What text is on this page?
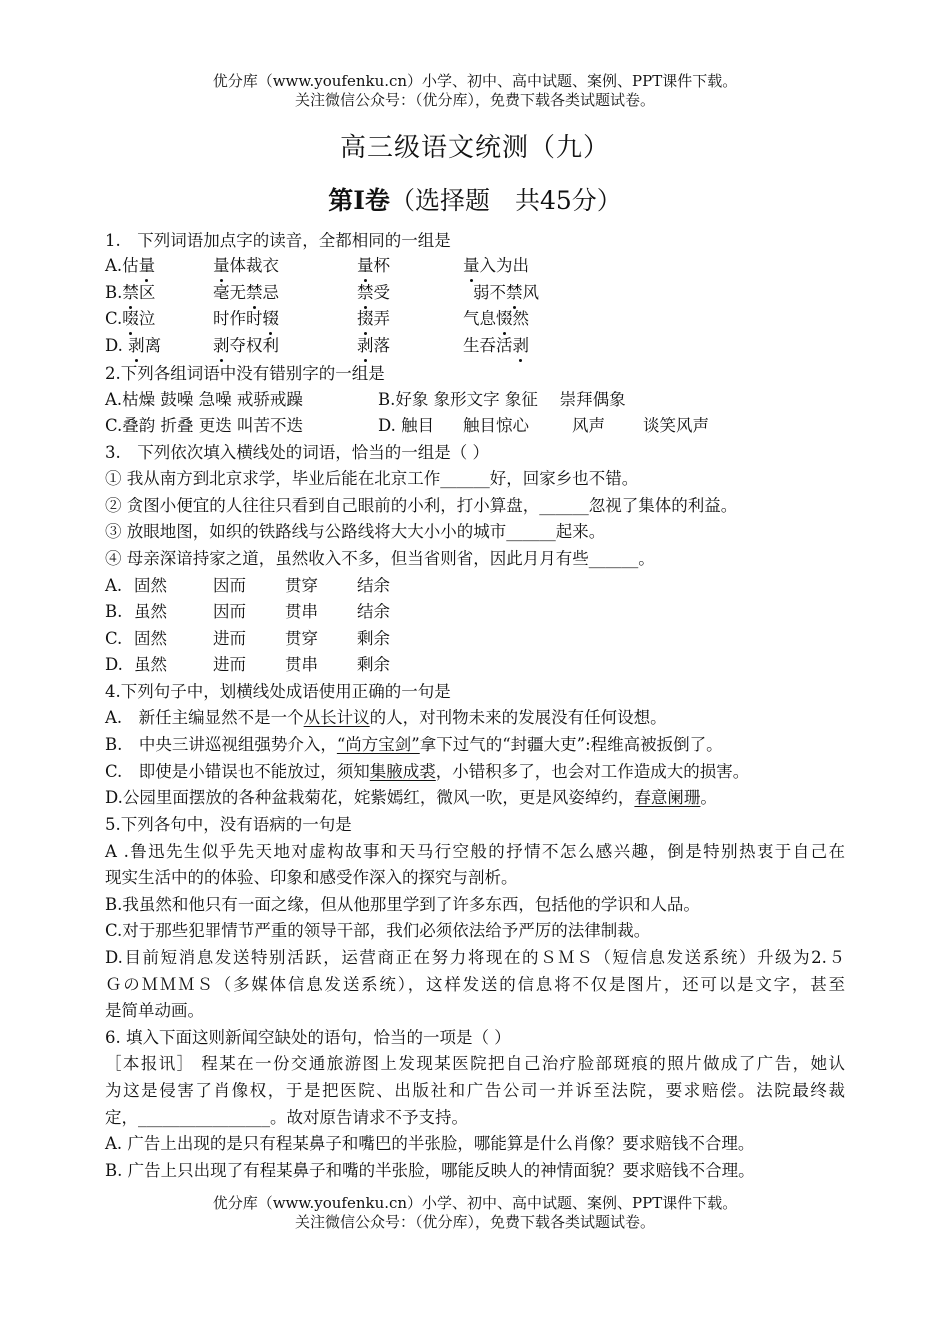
优分库（www.youfenku.cn）小学、初中、高中试题、案例、PPT课件下载。
关注微信公众号：（优分库），免费下载各类试题试卷。
高三级语文统测（九）
第Ⅰ卷（选择题　共45分）
1.　下列词语加点字的读音，全都相同的一组是
A.估量	量体裁衣	量杯	量入为出
B.禁区	毫无禁忌	禁受	弱不禁风
C.啜泣	时作时辍	掇弄	气息惙然
D. 剥离	剥夺权利	剥落	生吞活剥
2.下列各组词语中没有错别字的一组是
A.枯燥 鼓噪 急噪 戒骄戒躁	B.好象 象形文字 象征　 崇拜偶象
C.叠韵 折叠 更迭 叫苦不迭	D. 触目 触目惊心	风声 谈笑风声
3.　下列依次填入横线处的词语，恰当的一组是（ ）
① 我从南方到北京求学，毕业后能在北京工作______好，回家乡也不错。
② 贪图小便宜的人往往只看到自己眼前的小利，打小算盘，______忽视了集体的利益。
③ 放眼地图，如织的铁路线与公路线将大大小小的城市______起来。
④ 母亲深谙持家之道，虽然收入不多，但当省则省，因此月月有些______。
A. 固然	因而 贯穿 结余
B. 虽然	因而 贯串 结余
C. 固然	进而 贯穿 剩余
D. 虽然	进而 贯串 剩余
4.下列句子中，划横线处成语使用正确的一句是
A.　新任主编显然不是一个从长计议的人，对刊物未来的发展没有任何设想。
B.　中央三讲巡视组强势介入，“尚方宝剑”拿下过气的“封疆大吏”:程维高被扳倒了。
C.　即使是小错误也不能放过，须知集腋成裘，小错积多了，也会对工作造成大的损害。
D.公园里面摆放的各种盆栽菊花，姹紫嫣红，微风一吹，更是风姿绰约，春意阑珊。
5.下列各句中，没有语病的一句是
A .鲁迅先生似乎先天地对虚构故事和天马行空般的抒情不怎么感兴趣，倒是特别热衷于自己在
现实生活中的的体验、印象和感受作深入的探究与剖析。
B.我虽然和他只有一面之缘，但从他那里学到了许多东西，包括他的学识和人品。
C.对于那些犯罪情节严重的领导干部，我们必须依法给予严厉的法律制裁。
D.目前短消息发送特别活跃，运营商正在努力将现在的ＳＭＳ（短信息发送系统）升级为2.５
ＧのＭＭＭＳ（多媒体信息发送系统），这样发送的信息将不仅是图片，还可以是文字，甚至
是简单动画。
6. 填入下面这则新闻空缺处的语句，恰当的一项是（ ）
［本报讯］ 程某在一份交通旅游图上发现某医院把自己治疗脸部斑痕的照片做成了广告，她认
为这是侵害了肖像权，于是把医院、出版社和广告公司一并诉至法院，要求赔偿。法院最终裁
定，________________。故对原告请求不予支持。
A. 广告上出现的是只有程某鼻子和嘴巴的半张脸，哪能算是什么肖像？要求赔钱不合理。
B. 广告上只出现了有程某鼻子和嘴的半张脸，哪能反映人的神情面貌？要求赔钱不合理。
优分库（www.youfenku.cn）小学、初中、高中试题、案例、PPT课件下载。
关注微信公众号：（优分库），免费下载各类试题试卷。
